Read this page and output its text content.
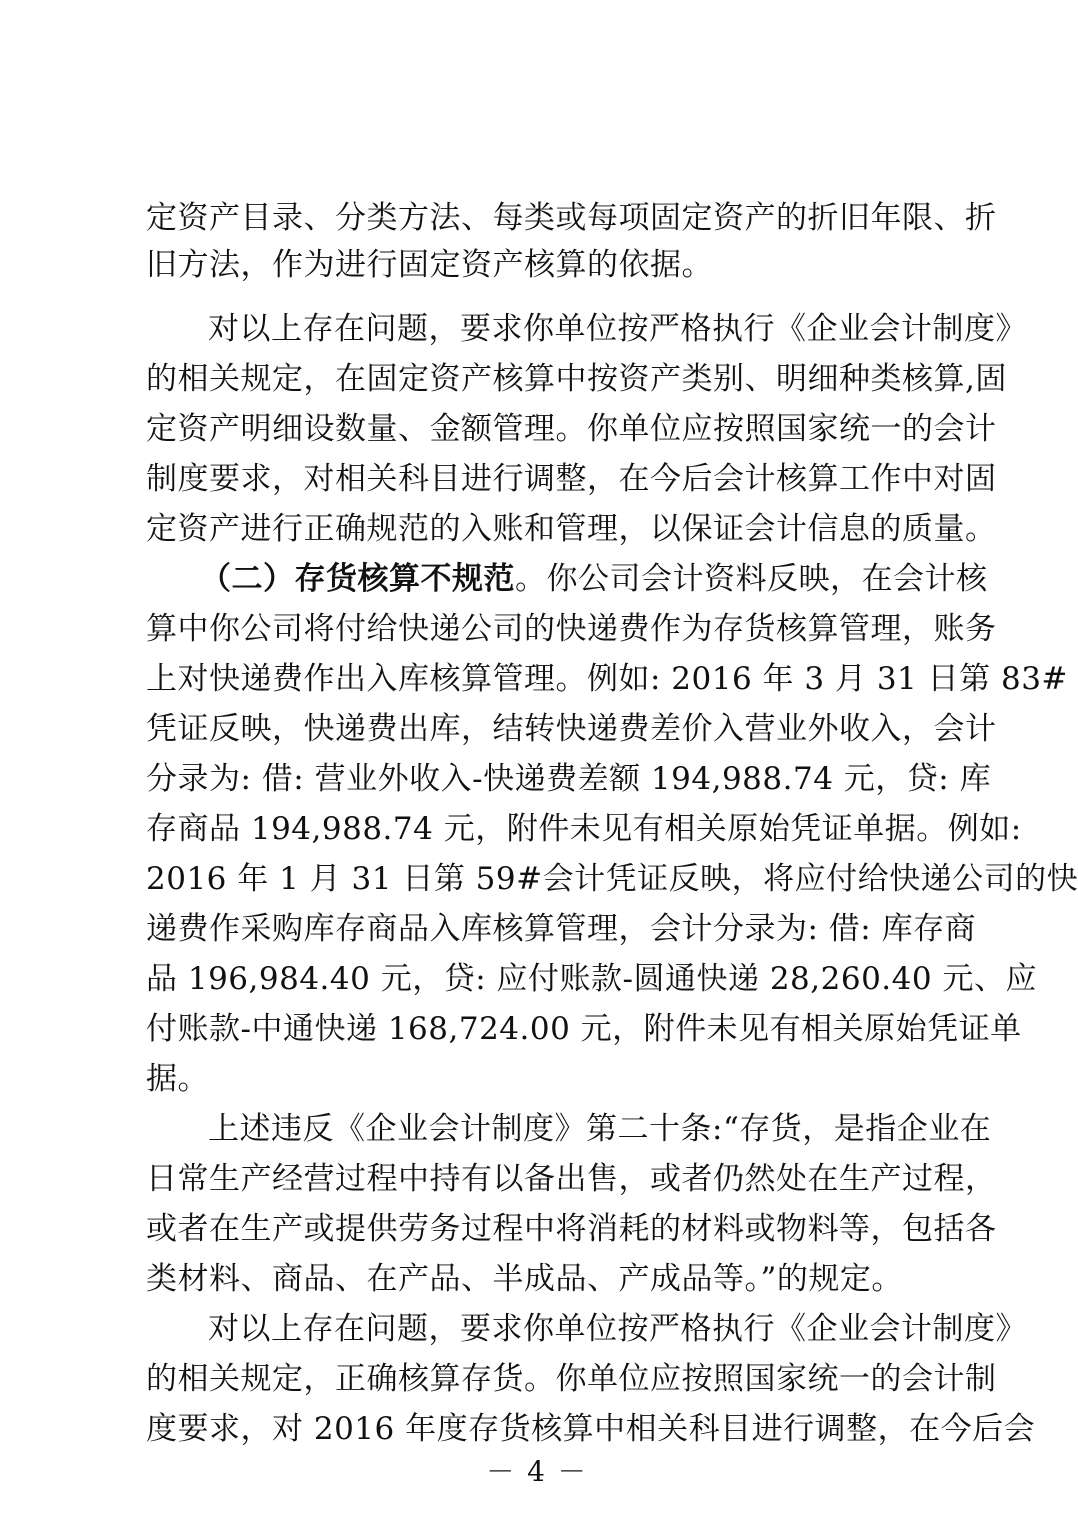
定资产目录、分类方法、每类或每项固定资产的折旧年限、折
旧方法，作为进行固定资产核算的依据。
对以上存在问题，要求你单位按严格执行《企业会计制度》
的相关规定，在固定资产核算中按资产类别、明细种类核算,固
定资产明细设数量、金额管理。你单位应按照国家统一的会计
制度要求，对相关科目进行调整，在今后会计核算工作中对固
定资产进行正确规范的入账和管理，以保证会计信息的质量。
（二）存货核算不规范。你公司会计资料反映，在会计核
算中你公司将付给快递公司的快递费作为存货核算管理，账务
上对快递费作出入库核算管理。例如: 2016 年 3 月 31 日第 83#
凭证反映，快递费出库，结转快递费差价入营业外收入，会计
分录为: 借: 营业外收入-快递费差额 194,988.74 元，贷: 库
存商品 194,988.74 元，附件未见有相关原始凭证单据。例如:
2016 年 1 月 31 日第 59#会计凭证反映，将应付给快递公司的快
递费作采购库存商品入库核算管理，会计分录为: 借: 库存商
品 196,984.40 元，贷: 应付账款-圆通快递 28,260.40 元、应
付账款-中通快递 168,724.00 元，附件未见有相关原始凭证单
据。
上述违反《企业会计制度》第二十条:“存货，是指企业在
日常生产经营过程中持有以备出售，或者仍然处在生产过程，
或者在生产或提供劳务过程中将消耗的材料或物料等，包括各
类材料、商品、在产品、半成品、产成品等。”的规定。
对以上存在问题，要求你单位按严格执行《企业会计制度》
的相关规定，正确核算存货。你单位应按照国家统一的会计制
度要求，对 2016 年度存货核算中相关科目进行调整，在今后会
－ 4 －
